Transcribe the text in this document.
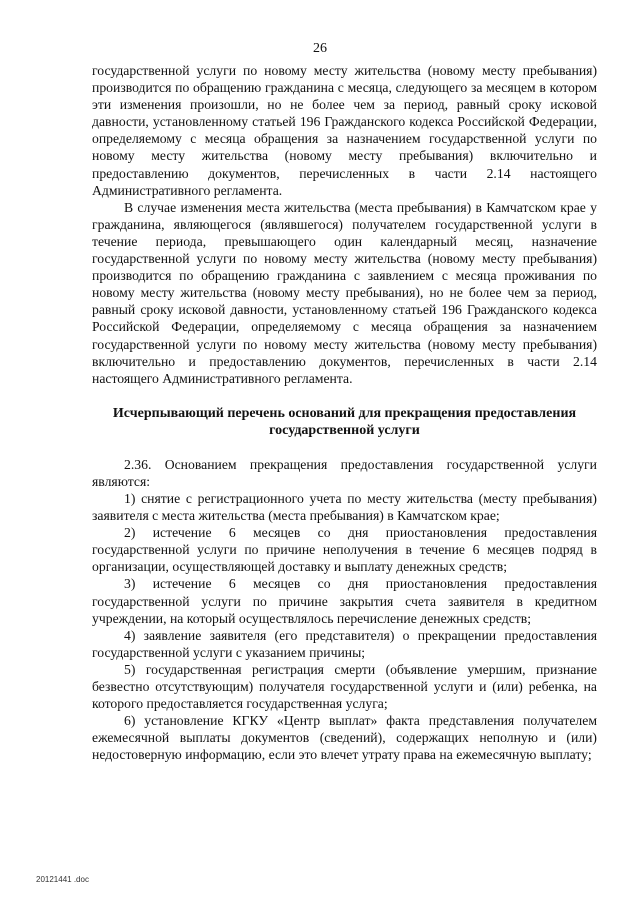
26

государственной услуги по новому месту жительства (новому месту пребывания) производится по обращению гражданина с месяца, следующего за месяцем в котором эти изменения произошли, но не более чем за период, равный сроку исковой давности, установленному статьей 196 Гражданского кодекса Российской Федерации, определяемому с месяца обращения за назначением государственной услуги по новому месту жительства (новому месту пребывания) включительно и предоставлению документов, перечисленных в части 2.14 настоящего Административного регламента.

В случае изменения места жительства (места пребывания) в Камчатском крае у гражданина, являющегося (являвшегося) получателем государственной услуги в течение периода, превышающего один календарный месяц, назначение государственной услуги по новому месту жительства (новому месту пребывания) производится по обращению гражданина с заявлением с месяца проживания по новому месту жительства (новому месту пребывания), но не более чем за период, равный сроку исковой давности, установленному статьей 196 Гражданского кодекса Российской Федерации, определяемому с месяца обращения за назначением государственной услуги по новому месту жительства (новому месту пребывания) включительно и предоставлению документов, перечисленных в части 2.14 настоящего Административного регламента.

Исчерпывающий перечень оснований для прекращения предоставления государственной услуги

2.36. Основанием прекращения предоставления государственной услуги являются:

1) снятие с регистрационного учета по месту жительства (месту пребывания) заявителя с места жительства (места пребывания) в Камчатском крае;

2) истечение 6 месяцев со дня приостановления предоставления государственной услуги по причине неполучения в течение 6 месяцев подряд в организации, осуществляющей доставку и выплату денежных средств;

3) истечение 6 месяцев со дня приостановления предоставления государственной услуги по причине закрытия счета заявителя в кредитном учреждении, на который осуществлялось перечисление денежных средств;

4) заявление заявителя (его представителя) о прекращении предоставления государственной услуги с указанием причины;

5) государственная регистрация смерти (объявление умершим, признание безвестно отсутствующим) получателя государственной услуги и (или) ребенка, на которого предоставляется государственная услуга;

6) установление КГКУ «Центр выплат» факта представления получателем ежемесячной выплаты документов (сведений), содержащих неполную и (или) недостоверную информацию, если это влечет утрату права на ежемесячную выплату;

20121441 .doc
